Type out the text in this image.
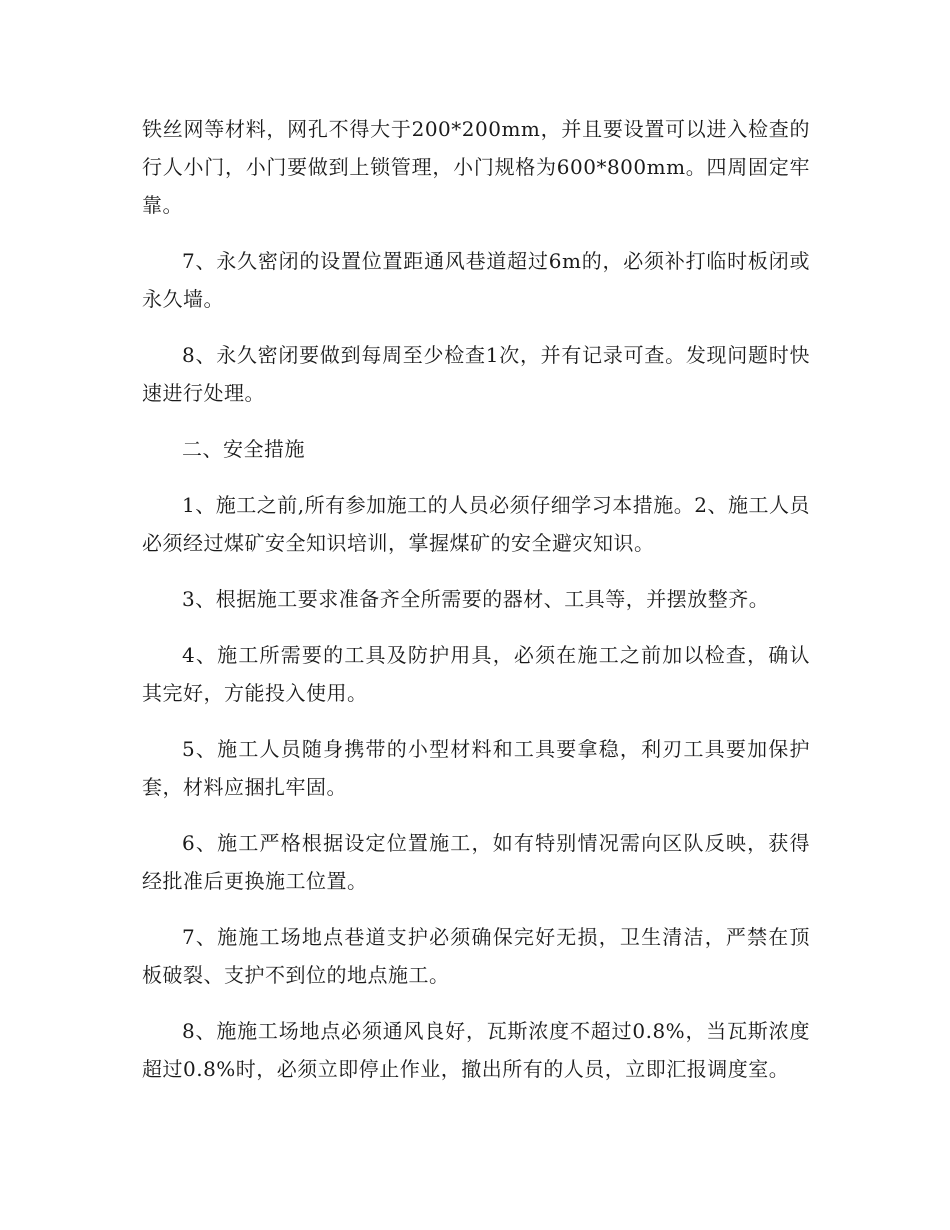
铁丝网等材料，网孔不得大于200*200mm，并且要设置可以进入检查的行人小门，小门要做到上锁管理，小门规格为600*800mm。四周固定牢靠。

7、永久密闭的设置位置距通风巷道超过6m的，必须补打临时板闭或永久墙。

8、永久密闭要做到每周至少检查1次，并有记录可查。发现问题时快速进行处理。

二、安全措施

1、施工之前,所有参加施工的人员必须仔细学习本措施。2、施工人员必须经过煤矿安全知识培训，掌握煤矿的安全避灾知识。

3、根据施工要求准备齐全所需要的器材、工具等，并摆放整齐。

4、施工所需要的工具及防护用具，必须在施工之前加以检查，确认其完好，方能投入使用。

5、施工人员随身携带的小型材料和工具要拿稳，利刃工具要加保护套，材料应捆扎牢固。

6、施工严格根据设定位置施工，如有特别情况需向区队反映，获得经批准后更换施工位置。

7、施施工场地点巷道支护必须确保完好无损，卫生清洁，严禁在顶板破裂、支护不到位的地点施工。

8、施施工场地点必须通风良好，瓦斯浓度不超过0.8%，当瓦斯浓度超过0.8%时，必须立即停止作业，撤出所有的人员，立即汇报调度室。
